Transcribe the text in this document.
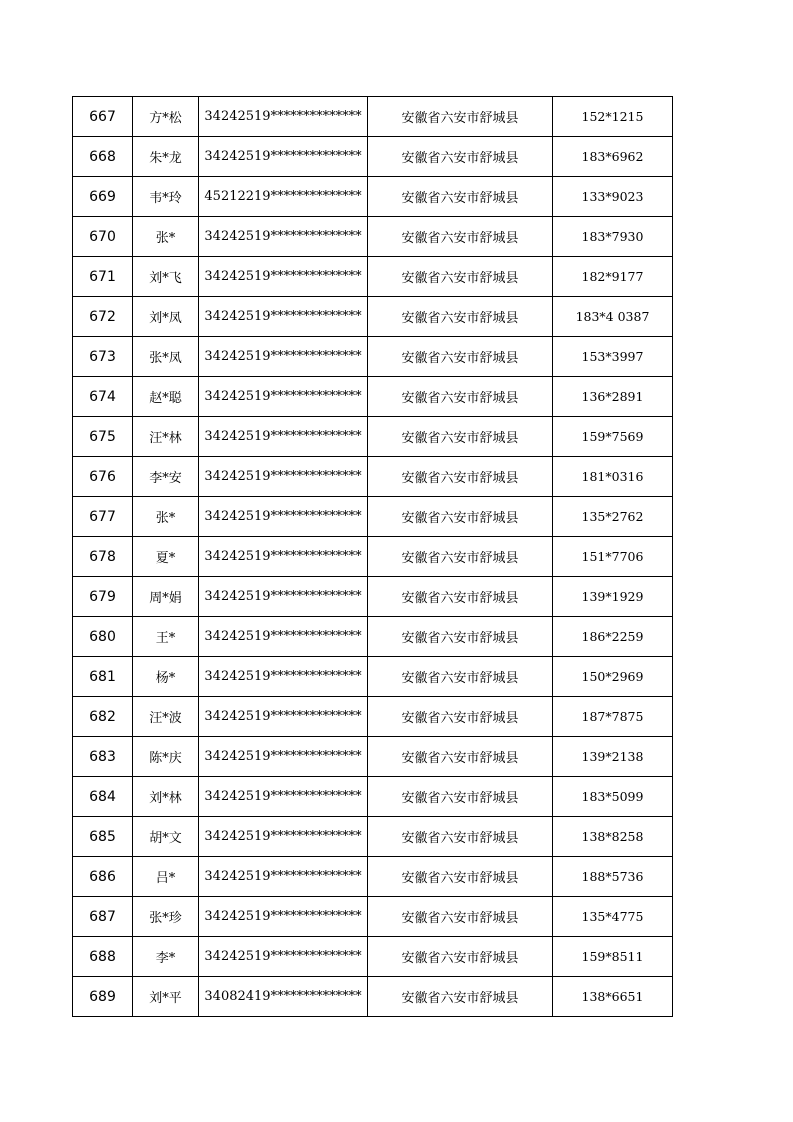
667	方*松	34242519**************	安徽省六安市舒城县	152*1215
668	朱*龙	34242519**************	安徽省六安市舒城县	183*6962
669	韦*玲	45212219**************	安徽省六安市舒城县	133*9023
670	张*	34242519**************	安徽省六安市舒城县	183*7930
671	刘*飞	34242519**************	安徽省六安市舒城县	182*9177
672	刘*凤	34242519**************	安徽省六安市舒城县	183*4 0387
673	张*凤	34242519**************	安徽省六安市舒城县	153*3997
674	赵*聪	34242519**************	安徽省六安市舒城县	136*2891
675	汪*林	34242519**************	安徽省六安市舒城县	159*7569
676	李*安	34242519**************	安徽省六安市舒城县	181*0316
677	张*	34242519**************	安徽省六安市舒城县	135*2762
678	夏*	34242519**************	安徽省六安市舒城县	151*7706
679	周*娟	34242519**************	安徽省六安市舒城县	139*1929
680	王*	34242519**************	安徽省六安市舒城县	186*2259
681	杨*	34242519**************	安徽省六安市舒城县	150*2969
682	汪*波	34242519**************	安徽省六安市舒城县	187*7875
683	陈*庆	34242519**************	安徽省六安市舒城县	139*2138
684	刘*林	34242519**************	安徽省六安市舒城县	183*5099
685	胡*文	34242519**************	安徽省六安市舒城县	138*8258
686	吕*	34242519**************	安徽省六安市舒城县	188*5736
687	张*珍	34242519**************	安徽省六安市舒城县	135*4775
688	李*	34242519**************	安徽省六安市舒城县	159*8511
689	刘*平	34082419**************	安徽省六安市舒城县	138*6651
